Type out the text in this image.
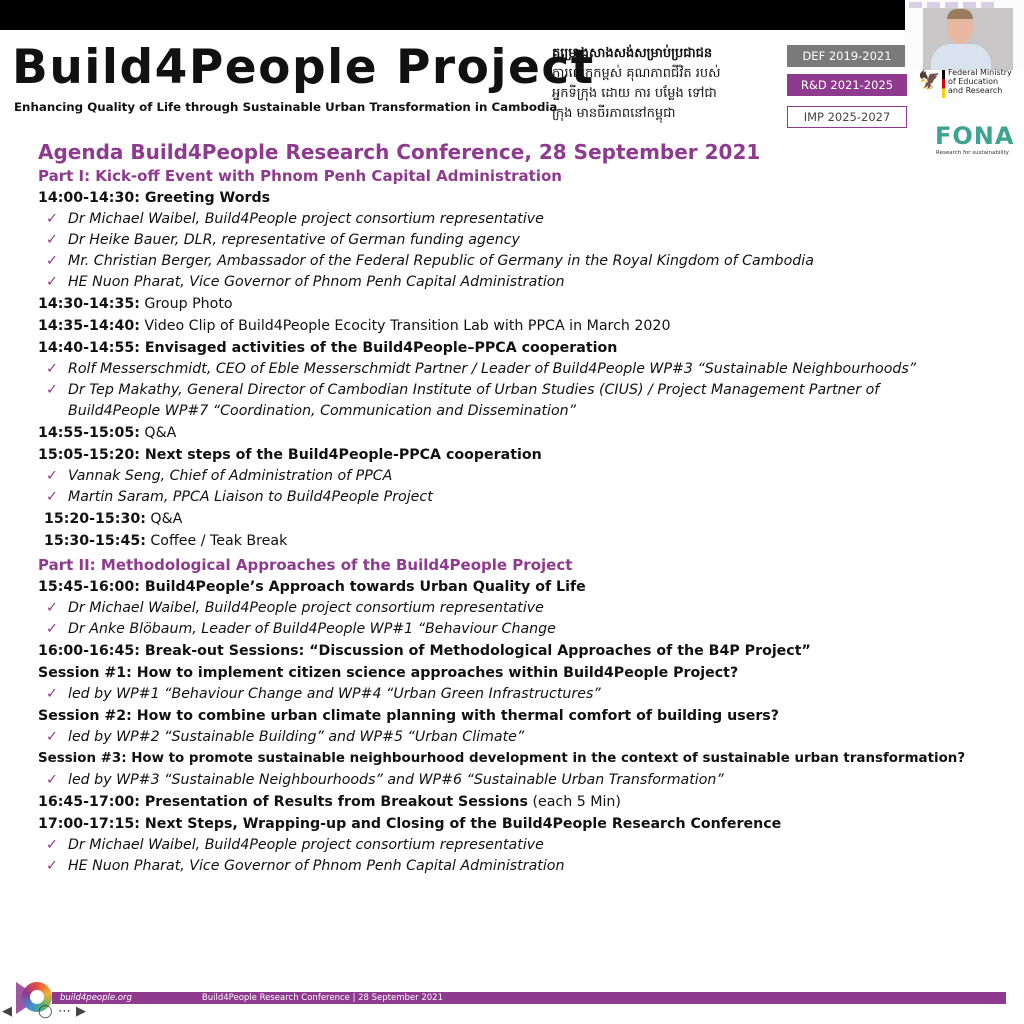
Build4People Project
Enhancing Quality of Life through Sustainable Urban Transformation in Cambodia
គម្រោងសាងសង់សម្រាប់ប្រជាជន
ការលើកកម្ពស់ គុណភាពជីវិត របស់
អ្នកទីក្រុង ដោយ ការ បម្លែង ទៅជា
ក្រុង មានចីរភាពនៅកម្ពុជា
DEF 2019-2021
R&D 2021-2025
IMP 2025-2027
🦅 Federal Ministry
of Education
and Research
FONA
Research for sustainability
Agenda Build4People Research Conference, 28 September 2021
Part I: Kick-off Event with Phnom Penh Capital Administration
14:00-14:30: Greeting Words
✓ Dr Michael Waibel, Build4People project consortium representative
✓ Dr Heike Bauer, DLR, representative of German funding agency
✓ Mr. Christian Berger, Ambassador of the Federal Republic of Germany in the Royal Kingdom of Cambodia
✓ HE Nuon Pharat, Vice Governor of Phnom Penh Capital Administration
14:30-14:35: Group Photo
14:35-14:40: Video Clip of Build4People Ecocity Transition Lab with PPCA in March 2020
14:40-14:55: Envisaged activities of the Build4People–PPCA cooperation
✓ Rolf Messerschmidt, CEO of Eble Messerschmidt Partner / Leader of Build4People WP#3 “Sustainable Neighbourhoods”
✓ Dr Tep Makathy, General Director of Cambodian Institute of Urban Studies (CIUS) / Project Management Partner of
Build4People WP#7 “Coordination, Communication and Dissemination”
14:55-15:05: Q&A
15:05-15:20: Next steps of the Build4People-PPCA cooperation
✓ Vannak Seng, Chief of Administration of PPCA
✓ Martin Saram, PPCA Liaison to Build4People Project
15:20-15:30: Q&A
15:30-15:45: Coffee / Teak Break
Part II: Methodological Approaches of the Build4People Project
15:45-16:00: Build4People’s Approach towards Urban Quality of Life
✓ Dr Michael Waibel, Build4People project consortium representative
✓ Dr Anke Blöbaum, Leader of Build4People WP#1 “Behaviour Change
16:00-16:45: Break-out Sessions: “Discussion of Methodological Approaches of the B4P Project”
Session #1: How to implement citizen science approaches within Build4People Project?
✓ led by WP#1 “Behaviour Change and WP#4 “Urban Green Infrastructures”
Session #2: How to combine urban climate planning with thermal comfort of building users?
✓ led by WP#2 “Sustainable Building” and WP#5 “Urban Climate”
Session #3: How to promote sustainable neighbourhood development in the context of sustainable urban transformation?
✓ led by WP#3 “Sustainable Neighbourhoods” and WP#6 “Sustainable Urban Transformation”
16:45-17:00: Presentation of Results from Breakout Sessions (each 5 Min)
17:00-17:15: Next Steps, Wrapping-up and Closing of the Build4People Research Conference
✓ Dr Michael Waibel, Build4People project consortium representative
✓ HE Nuon Pharat, Vice Governor of Phnom Penh Capital Administration
build4people.org	Build4People Research Conference | 28 September 2021
◀ ◯ ⋯ ▶
